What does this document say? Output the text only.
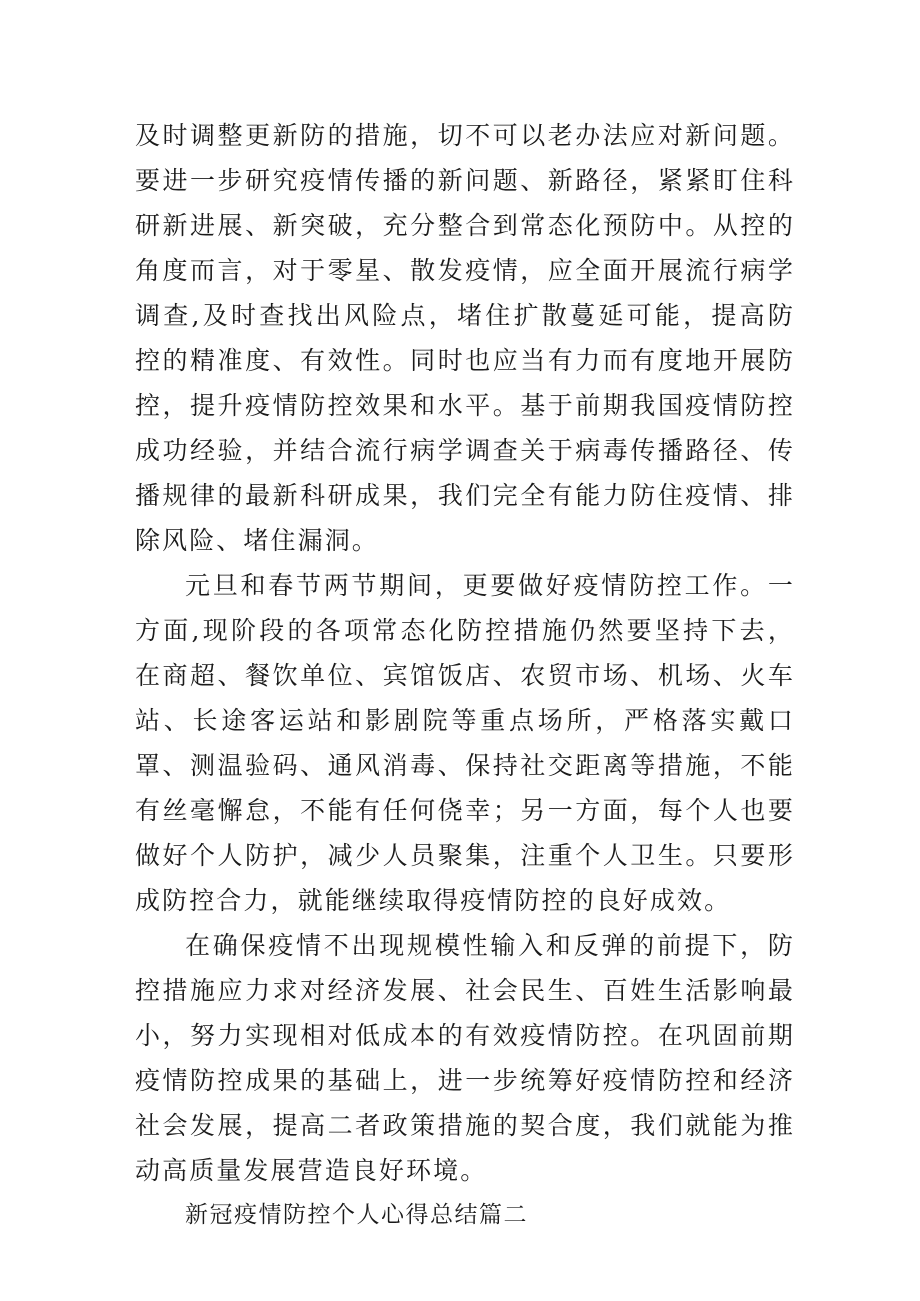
及时调整更新防的措施，切不可以老办法应对新问题。要进一步研究疫情传播的新问题、新路径，紧紧盯住科研新进展、新突破，充分整合到常态化预防中。从控的角度而言，对于零星、散发疫情，应全面开展流行病学调查,及时查找出风险点，堵住扩散蔓延可能，提高防控的精准度、有效性。同时也应当有力而有度地开展防控，提升疫情防控效果和水平。基于前期我国疫情防控成功经验，并结合流行病学调查关于病毒传播路径、传播规律的最新科研成果，我们完全有能力防住疫情、排除风险、堵住漏洞。

元旦和春节两节期间，更要做好疫情防控工作。一方面,现阶段的各项常态化防控措施仍然要坚持下去，在商超、餐饮单位、宾馆饭店、农贸市场、机场、火车站、长途客运站和影剧院等重点场所，严格落实戴口罩、测温验码、通风消毒、保持社交距离等措施，不能有丝毫懈怠，不能有任何侥幸；另一方面，每个人也要做好个人防护，减少人员聚集，注重个人卫生。只要形成防控合力，就能继续取得疫情防控的良好成效。

在确保疫情不出现规模性输入和反弹的前提下，防控措施应力求对经济发展、社会民生、百姓生活影响最小，努力实现相对低成本的有效疫情防控。在巩固前期疫情防控成果的基础上，进一步统筹好疫情防控和经济社会发展，提高二者政策措施的契合度，我们就能为推动高质量发展营造良好环境。

新冠疫情防控个人心得总结篇二
